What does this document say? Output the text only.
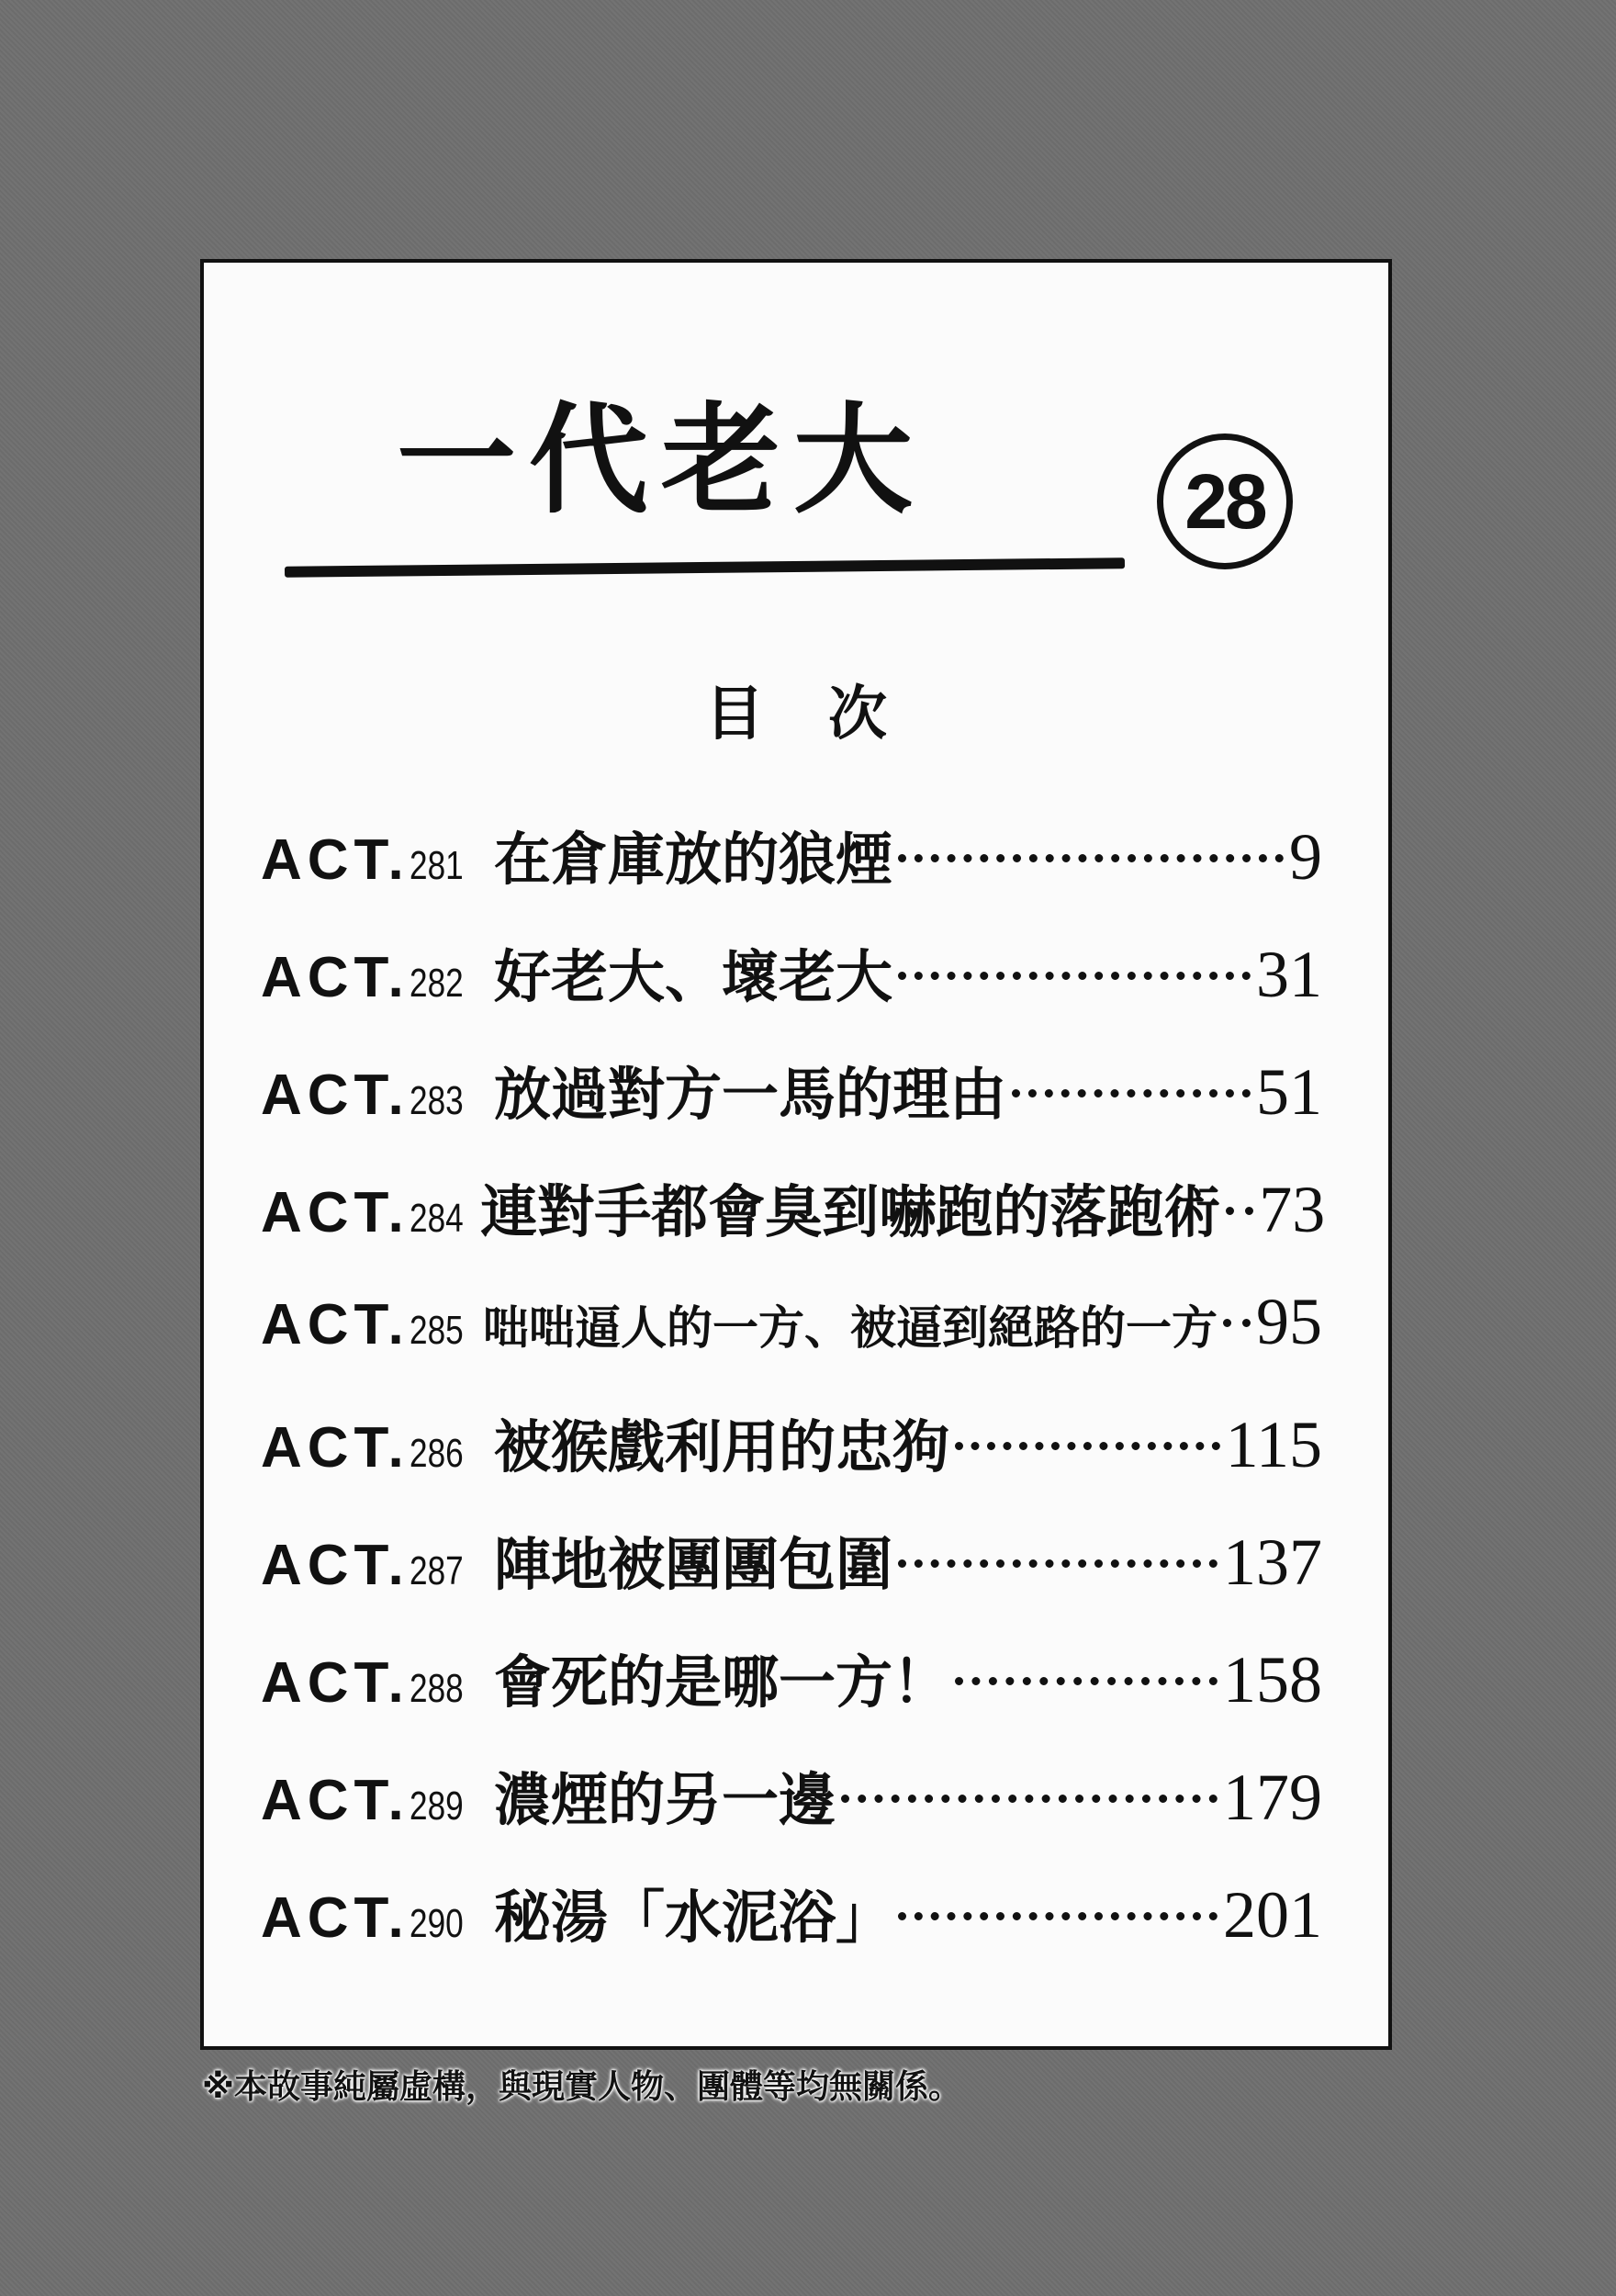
一代老大	28
目次
ACT.281 在倉庫放的狼煙	9
ACT.282 好老大、壞老大	31
ACT.283 放過對方一馬的理由	51
ACT.284 連對手都會臭到嚇跑的落跑術 73
ACT.285 咄咄逼人的一方、被逼到絕路的一方 95
ACT.286 被猴戲利用的忠狗	115
ACT.287 陣地被團團包圍	137
ACT.288 會死的是哪一方！	158
ACT.289 濃煙的另一邊	179
ACT.290 秘湯「水泥浴」	201
※本故事純屬虛構，與現實人物、團體等均無關係。
